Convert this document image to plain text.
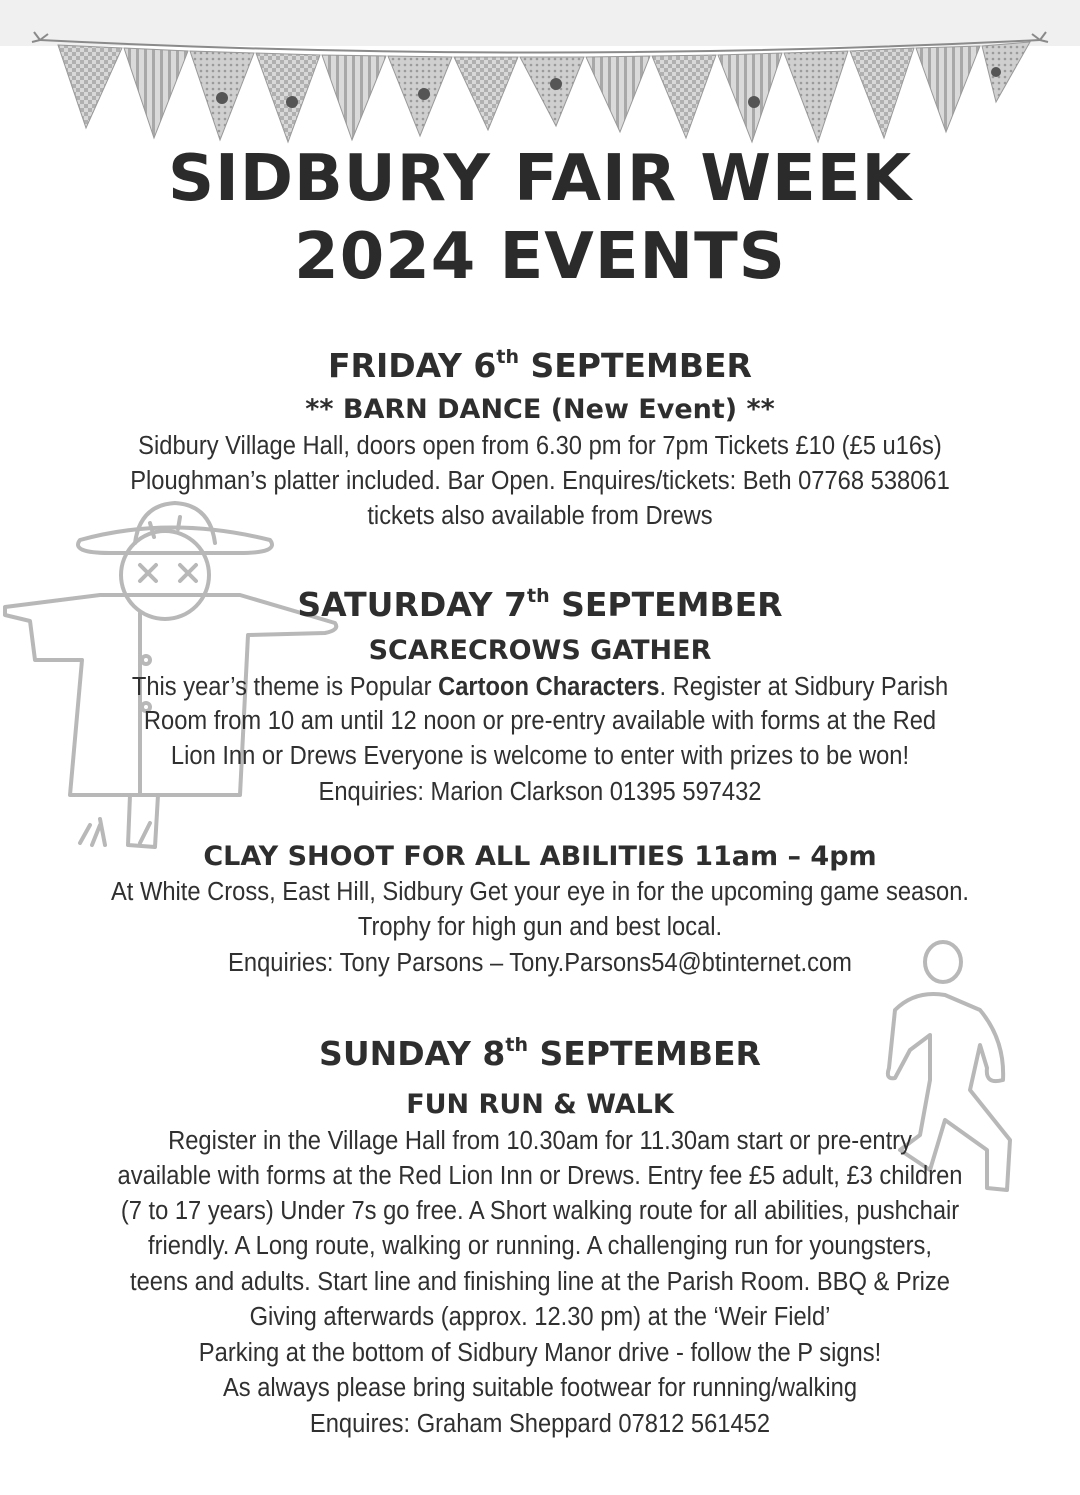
SIDBURY FAIR WEEK
2024 EVENTS
FRIDAY 6th SEPTEMBER
** BARN DANCE (New Event) **
Sidbury Village Hall, doors open from 6.30 pm for 7pm Tickets £10 (£5 u16s)
Ploughman’s platter included. Bar Open. Enquires/tickets: Beth 07768 538061
tickets also available from Drews
SATURDAY 7th SEPTEMBER
SCARECROWS GATHER
This year’s theme is Popular Cartoon Characters. Register at Sidbury Parish
Room from 10 am until 12 noon or pre-entry available with forms at the Red
Lion Inn or Drews Everyone is welcome to enter with prizes to be won!
Enquiries: Marion Clarkson 01395 597432
CLAY SHOOT FOR ALL ABILITIES 11am – 4pm
At White Cross, East Hill, Sidbury Get your eye in for the upcoming game season.
Trophy for high gun and best local.
Enquiries: Tony Parsons – Tony.Parsons54@btinternet.com
SUNDAY 8th SEPTEMBER
FUN RUN & WALK
Register in the Village Hall from 10.30am for 11.30am start or pre-entry
available with forms at the Red Lion Inn or Drews. Entry fee £5 adult, £3 children
(7 to 17 years) Under 7s go free. A Short walking route for all abilities, pushchair
friendly. A Long route, walking or running. A challenging run for youngsters,
teens and adults. Start line and finishing line at the Parish Room. BBQ & Prize
Giving afterwards (approx. 12.30 pm) at the ‘Weir Field’
Parking at the bottom of Sidbury Manor drive - follow the P signs!
As always please bring suitable footwear for running/walking
Enquires: Graham Sheppard 07812 561452
